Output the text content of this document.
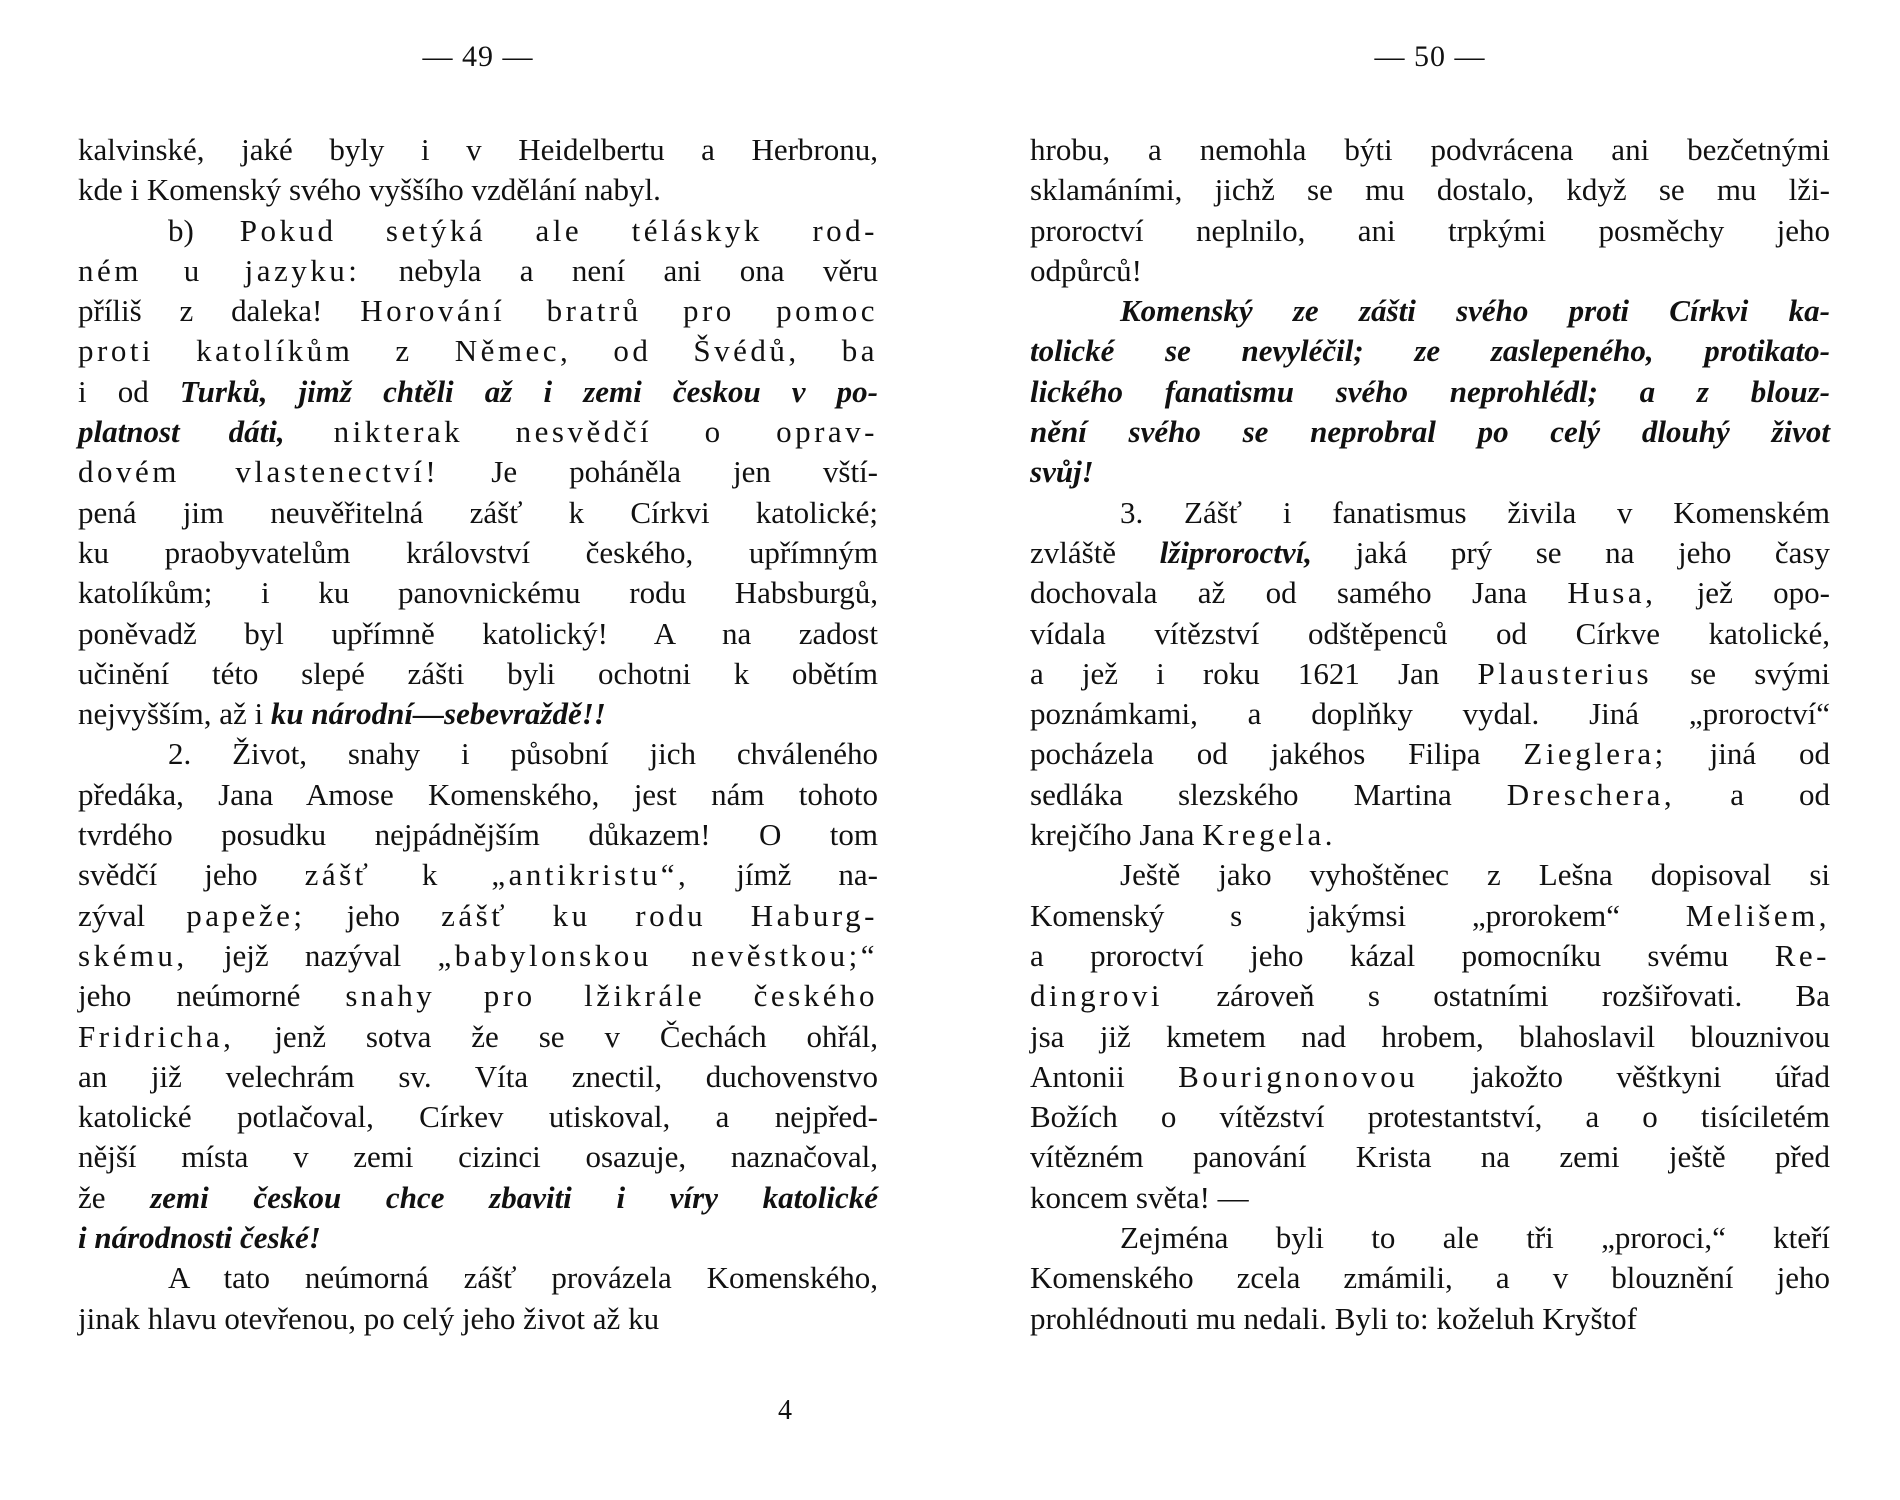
— 49 —
kalvinské, jaké byly i v Heidelbertu a Herbronu,
kde i Komenský svého vyššího vzdělání nabyl.
b) Pokud setýká ale téláskyk rod-
ném u jazyku: nebyla a není ani ona věru
příliš z daleka! Horování bratrů pro pomoc
proti katolíkům z Němec, od Švédů, ba
i od Turků, jimž chtěli až i zemi českou v po-
platnost dáti, nikterak nesvědčí o oprav-
dovém vlastenectví! Je poháněla jen vští-
pená jim neuvěřitelná zášť k Církvi katolické;
ku praobyvatelům království českého, upřímným
katolíkům; i ku panovnickému rodu Habsburgů,
poněvadž byl upřímně katolický! A na zadost
učinění této slepé zášti byli ochotni k obětím
nejvyšším, až i ku národní—sebevraždě!!
2. Život, snahy i působní jich chváleného
předáka, Jana Amose Komenského, jest nám tohoto
tvrdého posudku nejpádnějším důkazem! O tom
svědčí jeho zášť k „antikristu“, jímž na-
zýval papeže; jeho zášť ku rodu Haburg-
skému, jejž nazýval „babylonskou nevěstkou;“
jeho neúmorné snahy pro lžikrále českého
Fridricha, jenž sotva že se v Čechách ohřál,
an již velechrám sv. Víta znectil, duchovenstvo
katolické potlačoval, Církev utiskoval, a nejpřed-
nější místa v zemi cizinci osazuje, naznačoval,
že zemi českou chce zbaviti i víry katolické
i národnosti české!
A tato neúmorná zášť provázela Komenského,
jinak hlavu otevřenou, po celý jeho život až ku
— 50 —
hrobu, a nemohla býti podvrácena ani bezčetnými
sklamáními, jichž se mu dostalo, když se mu lži-
proroctví neplnilo, ani trpkými posměchy jeho
odpůrců!
Komenský ze zášti svého proti Církvi ka-
tolické se nevyléčil; ze zaslepeného, protikato-
lického fanatismu svého neprohlédl; a z blouz-
nění svého se neprobral po celý dlouhý život
svůj!
3. Zášť i fanatismus živila v Komenském
zvláště lžiproroctví, jaká prý se na jeho časy
dochovala až od samého Jana Husa, jež opo-
vídala vítězství odštěpenců od Církve katolické,
a jež i roku 1621 Jan Plausterius se svými
poznámkami, a doplňky vydal. Jiná „proroctví“
pocházela od jakéhos Filipa Zieglera; jiná od
sedláka slezského Martina Dreschera, a od
krejčího Jana Kregela.
Ještě jako vyhoštěnec z Lešna dopisoval si
Komenský s jakýmsi „prorokem“ Melišem,
a proroctví jeho kázal pomocníku svému Re-
dingrovi zároveň s ostatními rozšiřovati. Ba
jsa již kmetem nad hrobem, blahoslavil blouznivou
Antonii Bourignonovou jakožto věštkyni úřad
Božích o vítězství protestantství, a o tisíciletém
vítězném panování Krista na zemi ještě před
koncem světa! —
Zejména byli to ale tři „proroci,“ kteří
Komenského zcela zmámili, a v blouznění jeho
prohlédnouti mu nedali. Byli to: koželuh Kryštof
4
